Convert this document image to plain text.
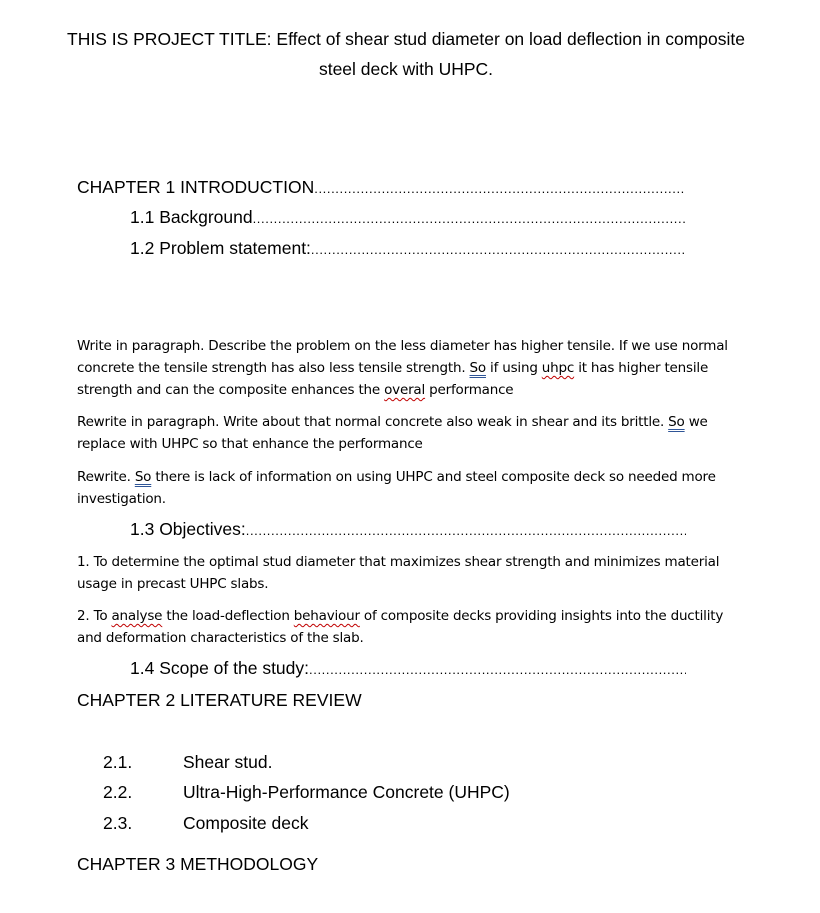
THIS IS PROJECT TITLE: Effect of shear stud diameter on load deflection in composite steel deck with UHPC.
CHAPTER 1 INTRODUCTION
.....
1.1 Background
.....
1.2 Problem statement:
.....
Write in paragraph. Describe the problem on the less diameter has higher tensile. If we use normal concrete the tensile strength has also less tensile strength. So if using uhpc it has higher tensile strength and can the composite enhances the overal performance
Rewrite in paragraph. Write about that normal concrete also weak in shear and its brittle. So we replace with UHPC so that enhance the performance
Rewrite. So there is lack of information on using UHPC and steel composite deck so needed more investigation.
1.3 Objectives:
.....
1. To determine the optimal stud diameter that maximizes shear strength and minimizes material usage in precast UHPC slabs.
2. To analyse the load-deflection behaviour of composite decks providing insights into the ductility and deformation characteristics of the slab.
1.4 Scope of the study:
.....
CHAPTER 2 LITERATURE REVIEW
2.1.	Shear stud.
2.2.	Ultra-High-Performance Concrete (UHPC)
2.3.	Composite deck
CHAPTER 3 METHODOLOGY
